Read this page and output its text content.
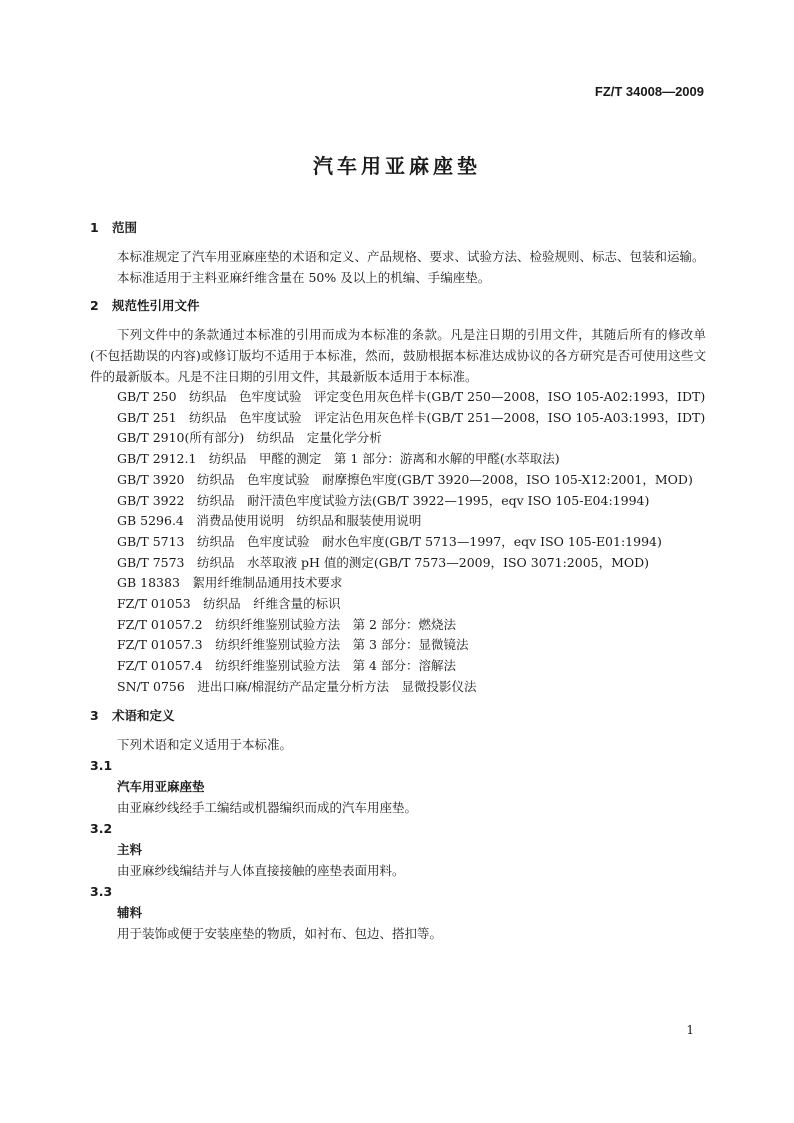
FZ/T 34008—2009
汽车用亚麻座垫
1 范围

本标准规定了汽车用亚麻座垫的术语和定义、产品规格、要求、试验方法、检验规则、标志、包装和运输。

本标准适用于主料亚麻纤维含量在 50% 及以上的机编、手编座垫。

2 规范性引用文件

下列文件中的条款通过本标准的引用而成为本标准的条款。凡是注日期的引用文件，其随后所有的修改单(不包括勘误的内容)或修订版均不适用于本标准，然而，鼓励根据本标准达成协议的各方研究是否可使用这些文件的最新版本。凡是不注日期的引用文件，其最新版本适用于本标准。

GB/T 250　纺织品　色牢度试验　评定变色用灰色样卡(GB/T 250—2008，ISO 105-A02:1993，IDT)

GB/T 251　纺织品　色牢度试验　评定沾色用灰色样卡(GB/T 251—2008，ISO 105-A03:1993，IDT)

GB/T 2910(所有部分)　纺织品　定量化学分析

GB/T 2912.1　纺织品　甲醛的测定　第 1 部分：游离和水解的甲醛(水萃取法)

GB/T 3920　纺织品　色牢度试验　耐摩擦色牢度(GB/T 3920—2008，ISO 105-X12:2001，MOD)

GB/T 3922　纺织品　耐汗渍色牢度试验方法(GB/T 3922—1995，eqv ISO 105-E04:1994)

GB 5296.4　消费品使用说明　纺织品和服装使用说明

GB/T 5713　纺织品　色牢度试验　耐水色牢度(GB/T 5713—1997，eqv ISO 105-E01:1994)

GB/T 7573　纺织品　水萃取液 pH 值的测定(GB/T 7573—2009，ISO 3071:2005，MOD)

GB 18383　絮用纤维制品通用技术要求

FZ/T 01053　纺织品　纤维含量的标识

FZ/T 01057.2　纺织纤维鉴别试验方法　第 2 部分：燃烧法

FZ/T 01057.3　纺织纤维鉴别试验方法　第 3 部分：显微镜法

FZ/T 01057.4　纺织纤维鉴别试验方法　第 4 部分：溶解法

SN/T 0756　进出口麻/棉混纺产品定量分析方法　显微投影仪法

3 术语和定义

下列术语和定义适用于本标准。

3.1

汽车用亚麻座垫

由亚麻纱线经手工编结或机器编织而成的汽车用座垫。

3.2

主料

由亚麻纱线编结并与人体直接接触的座垫表面用料。

3.3

辅料

用于装饰或便于安装座垫的物质，如衬布、包边、搭扣等。

1
